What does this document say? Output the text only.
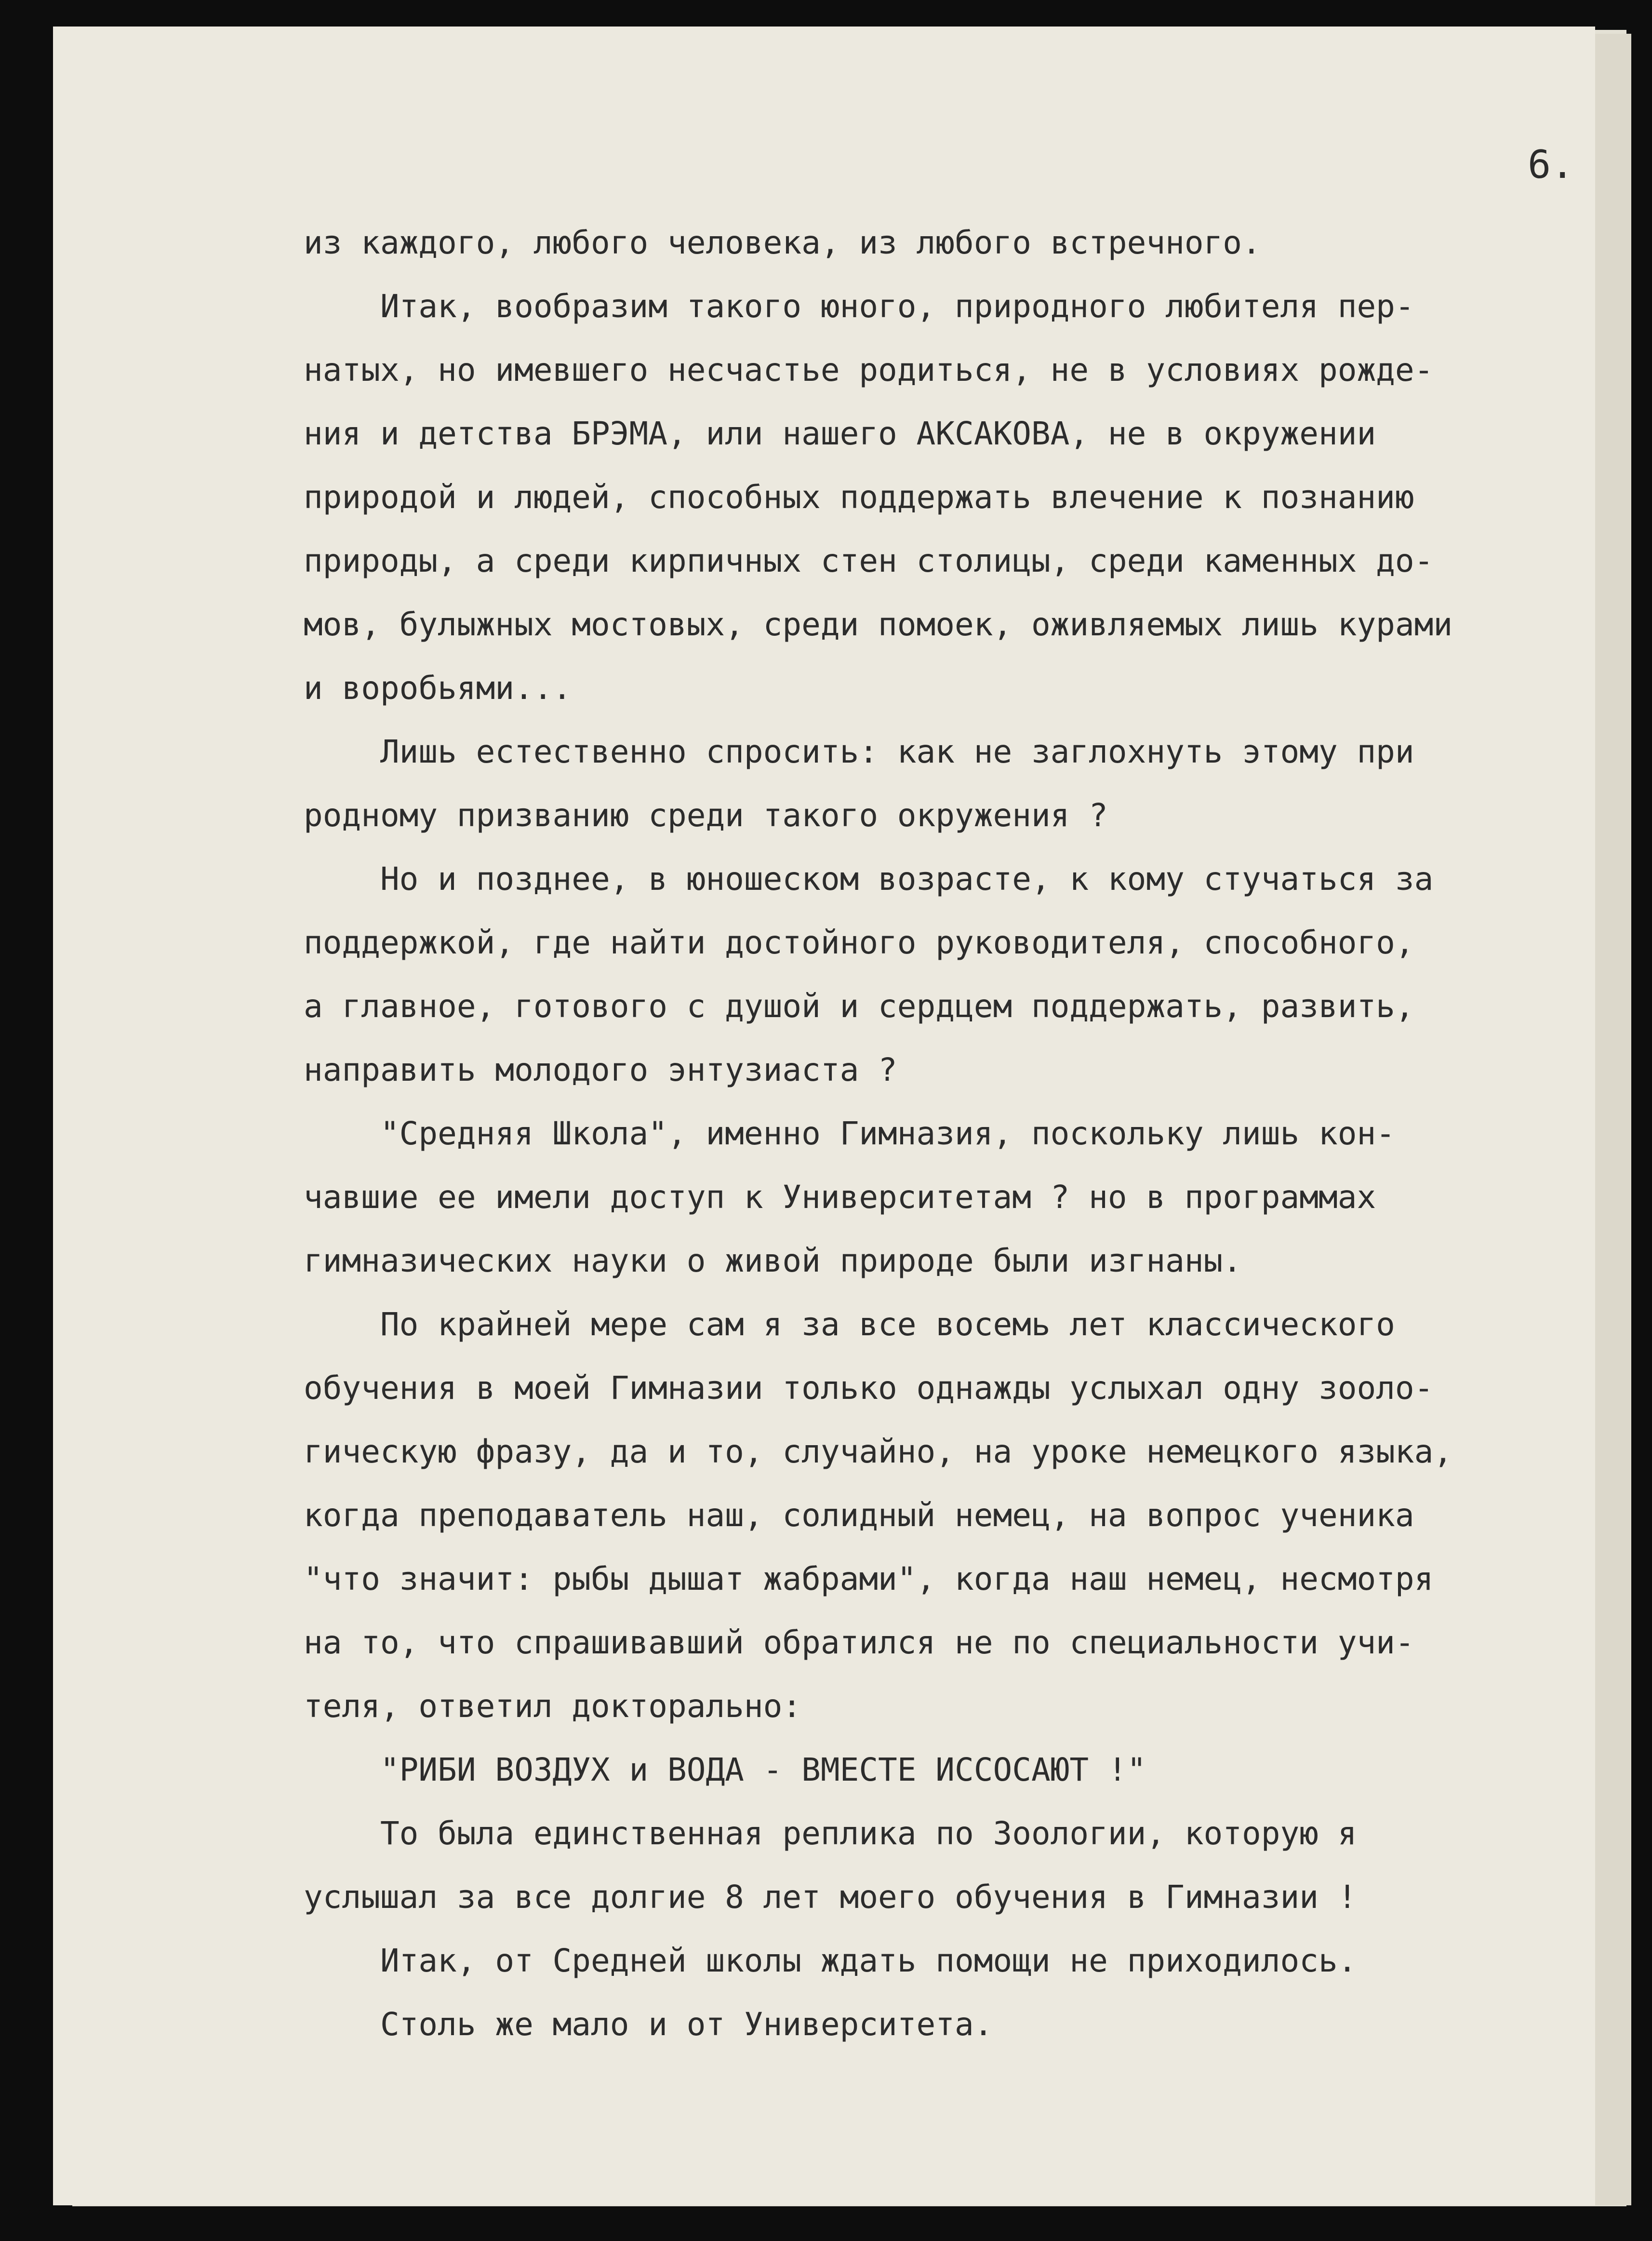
6.
из каждого, любого человека, из любого встречного.
Итак, вообразим такого юного, природного любителя пер-
натых, но имевшего несчастье родиться, не в условиях рожде-
ния и детства БРЭМА, или нашего АКСАКОВА, не в окружении
природой и людей, способных поддержать влечение к познанию
природы, а среди кирпичных стен столицы, среди каменных до-
мов, булыжных мостовых, среди помоек, оживляемых лишь курами
и воробьями...
Лишь естественно спросить: как не заглохнуть этому при
родному призванию среди такого окружения ?
Но и позднее, в юношеском возрасте, к кому стучаться за
поддержкой, где найти достойного руководителя, способного,
а главное, готового с душой и сердцем поддержать, развить,
направить молодого энтузиаста ?
"Средняя Школа", именно Гимназия, поскольку лишь кон-
чавшие ее имели доступ к Университетам ? но в программах
гимназических науки о живой природе были изгнаны.
По крайней мере сам я за все восемь лет классического
обучения в моей Гимназии только однажды услыхал одну зооло-
гическую фразу, да и то, случайно, на уроке немецкого языка,
когда преподаватель наш, солидный немец, на вопрос ученика
"что значит: рыбы дышат жабрами", когда наш немец, несмотря
на то, что спрашивавший обратился не по специальности учи-
теля, ответил докторально:
"РИБИ ВОЗДУХ и ВОДА - ВМЕСТЕ ИССОСАЮТ !"
То была единственная реплика по Зоологии, которую я
услышал за все долгие 8 лет моего обучения в Гимназии !
Итак, от Средней школы ждать помощи не приходилось.
Столь же мало и от Университета.
